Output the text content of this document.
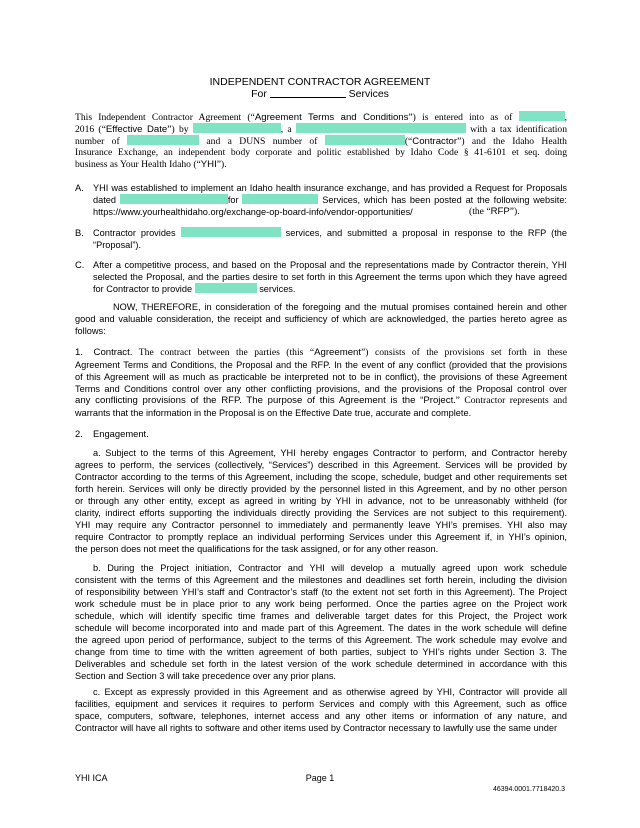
INDEPENDENT CONTRACTOR AGREEMENT
For	Services
This Independent Contractor Agreement (“Agreement Terms and Conditions”) is entered into as of	,
2016 (“Effective Date”) by	, a	with a tax identification
number of	and a DUNS number of	(“Contractor”) and the Idaho Health
Insurance Exchange, an independent body corporate and politic established by Idaho Code § 41-6101 et seq. doing
business as Your Health Idaho (“YHI”).
A. YHI was established to implement an Idaho health insurance exchange, and has provided a Request for Proposals
dated	for	Services, which has been posted at the following website:
https://www.yourhealthidaho.org/exchange-op-board-info/vendor-opportunities/	(the “RFP”).
B. Contractor provides	services, and submitted a proposal in response to the RFP (the
“Proposal”).
C. After a competitive process, and based on the Proposal and the representations made by Contractor therein, YHI
selected the Proposal, and the parties desire to set forth in this Agreement the terms upon which they have agreed
for Contractor to provide	services.
NOW, THEREFORE, in consideration of the foregoing and the mutual promises contained herein and other
good and valuable consideration, the receipt and sufficiency of which are acknowledged, the parties hereto agree as
follows:
1. Contract. The contract between the parties (this “Agreement”) consists of the provisions set forth in these
Agreement Terms and Conditions, the Proposal and the RFP. In the event of any conflict (provided that the provisions
of this Agreement will as much as practicable be interpreted not to be in conflict), the provisions of these Agreement
Terms and Conditions control over any other conflicting provisions, and the provisions of the Proposal control over
any conflicting provisions of the RFP. The purpose of this Agreement is the “Project.” Contractor represents and
warrants that the information in the Proposal is on the Effective Date true, accurate and complete.
2. Engagement.
a. Subject to the terms of this Agreement, YHI hereby engages Contractor to perform, and Contractor hereby
agrees to perform, the services (collectively, “Services”) described in this Agreement. Services will be provided by
Contractor according to the terms of this Agreement, including the scope, schedule, budget and other requirements set
forth herein. Services will only be directly provided by the personnel listed in this Agreement, and by no other person
or through any other entity, except as agreed in writing by YHI in advance, not to be unreasonably withheld (for
clarity, indirect efforts supporting the individuals directly providing the Services are not subject to this requirement).
YHI may require any Contractor personnel to immediately and permanently leave YHI’s premises. YHI also may
require Contractor to promptly replace an individual performing Services under this Agreement if, in YHI’s opinion,
the person does not meet the qualifications for the task assigned, or for any other reason.
b. During the Project initiation, Contractor and YHI will develop a mutually agreed upon work schedule
consistent with the terms of this Agreement and the milestones and deadlines set forth herein, including the division
of responsibility between YHI’s staff and Contractor’s staff (to the extent not set forth in this Agreement). The Project
work schedule must be in place prior to any work being performed. Once the parties agree on the Project work
schedule, which will identify specific time frames and deliverable target dates for this Project, the Project work
schedule will become incorporated into and made part of this Agreement. The dates in the work schedule will define
the agreed upon period of performance, subject to the terms of this Agreement. The work schedule may evolve and
change from time to time with the written agreement of both parties, subject to YHI’s rights under Section 3. The
Deliverables and schedule set forth in the latest version of the work schedule determined in accordance with this
Section and Section 3 will take precedence over any prior plans.
c. Except as expressly provided in this Agreement and as otherwise agreed by YHI, Contractor will provide all
facilities, equipment and services it requires to perform Services and comply with this Agreement, such as office
space, computers, software, telephones, internet access and any other items or information of any nature, and
Contractor will have all rights to software and other items used by Contractor necessary to lawfully use the same under
YHI ICA	Page 1
46394.0001.7718420.3
